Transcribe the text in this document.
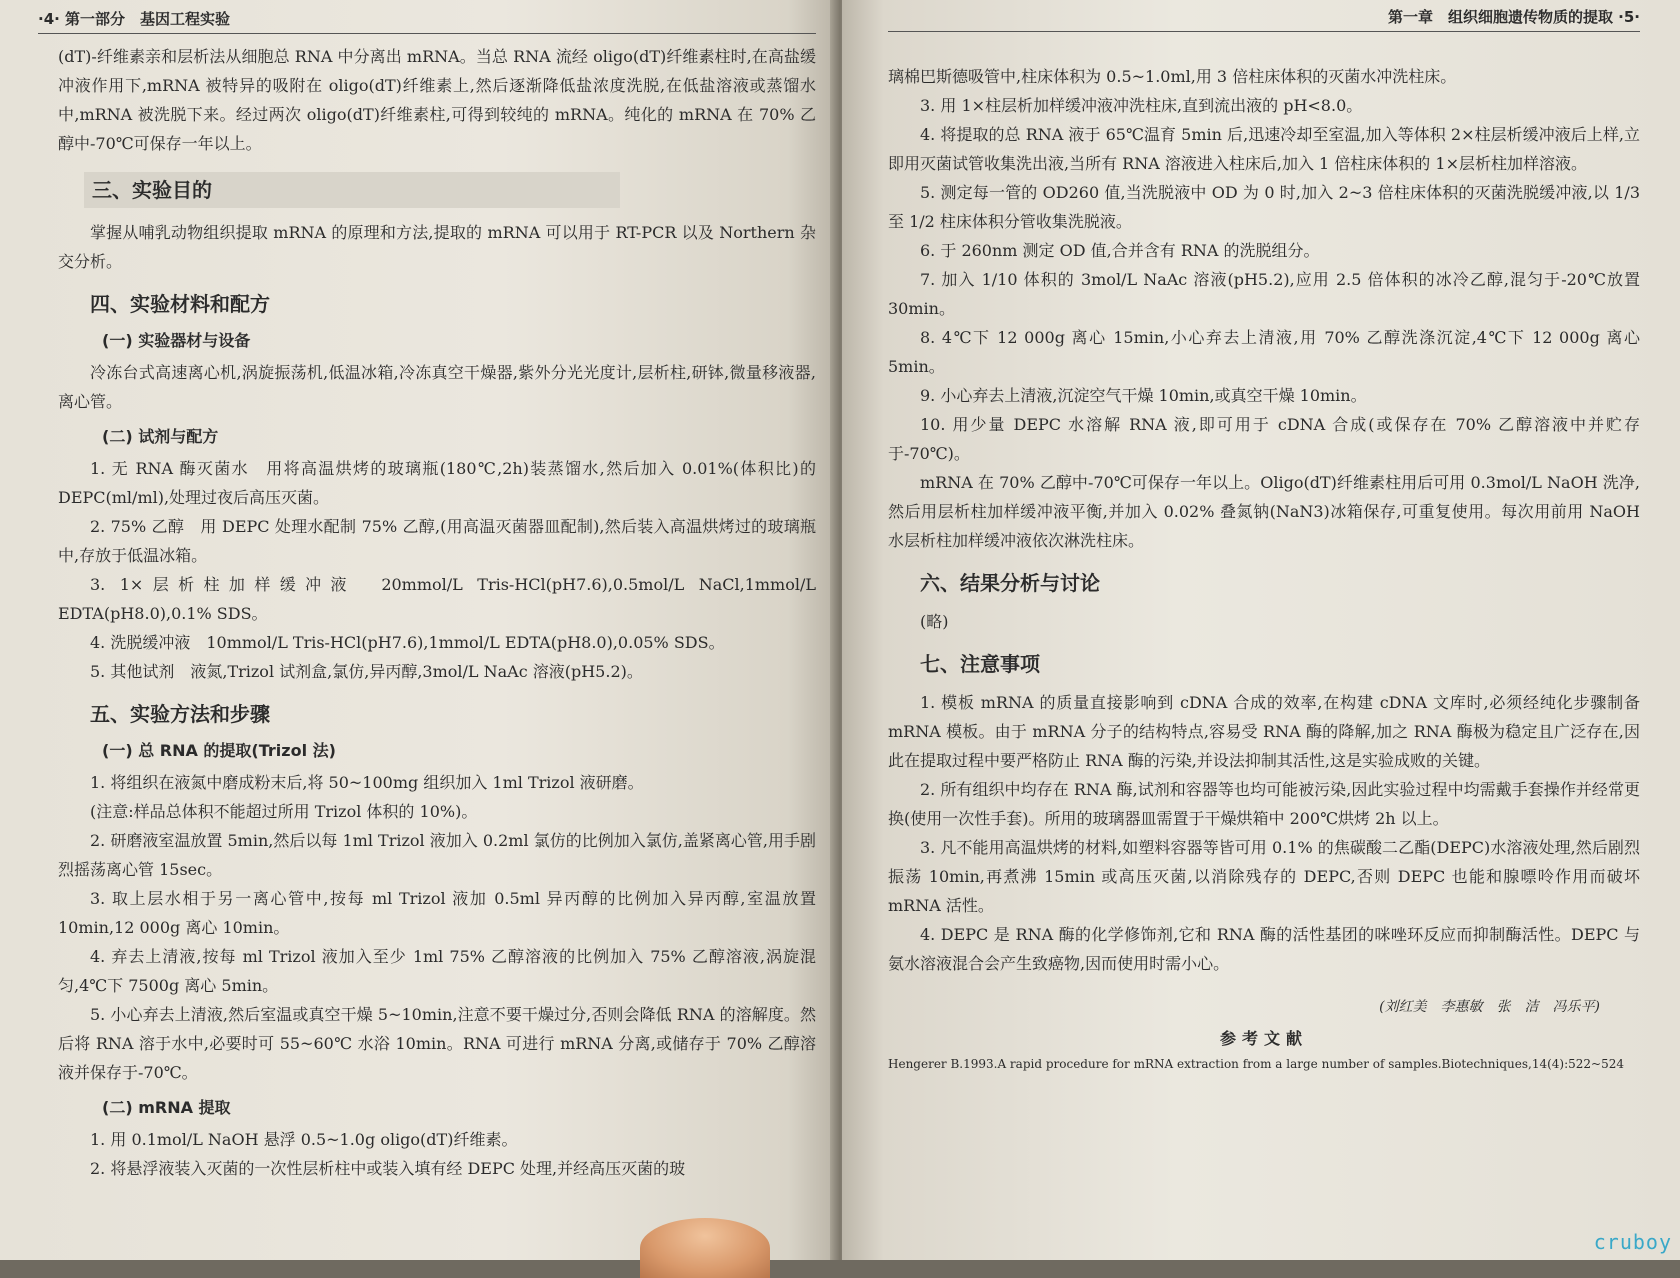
·4· 第一部分　基因工程实验

(dT)-纤维素亲和层析法从细胞总 RNA 中分离出 mRNA。当总 RNA 流经 oligo(dT)纤维素柱时,在高盐缓冲液作用下,mRNA 被特异的吸附在 oligo(dT)纤维素上,然后逐渐降低盐浓度洗脱,在低盐溶液或蒸馏水中,mRNA 被洗脱下来。经过两次 oligo(dT)纤维素柱,可得到较纯的 mRNA。纯化的 mRNA 在 70% 乙醇中-70℃可保存一年以上。

三、实验目的

掌握从哺乳动物组织提取 mRNA 的原理和方法,提取的 mRNA 可以用于 RT-PCR 以及 Northern 杂交分析。

四、实验材料和配方
(一) 实验器材与设备

冷冻台式高速离心机,涡旋振荡机,低温冰箱,冷冻真空干燥器,紫外分光光度计,层析柱,研钵,微量移液器,离心管。

(二) 试剂与配方

1. 无 RNA 酶灭菌水　用将高温烘烤的玻璃瓶(180℃,2h)装蒸馏水,然后加入 0.01%(体积比)的 DEPC(ml/ml),处理过夜后高压灭菌。

2. 75% 乙醇　用 DEPC 处理水配制 75% 乙醇,(用高温灭菌器皿配制),然后装入高温烘烤过的玻璃瓶中,存放于低温冰箱。

3. 1×层析柱加样缓冲液　20mmol/L Tris-HCl(pH7.6),0.5mol/L NaCl,1mmol/L EDTA(pH8.0),0.1% SDS。

4. 洗脱缓冲液　10mmol/L Tris-HCl(pH7.6),1mmol/L EDTA(pH8.0),0.05% SDS。

5. 其他试剂　液氮,Trizol 试剂盒,氯仿,异丙醇,3mol/L NaAc 溶液(pH5.2)。

五、实验方法和步骤
(一) 总 RNA 的提取(Trizol 法)

1. 将组织在液氮中磨成粉末后,将 50~100mg 组织加入 1ml Trizol 液研磨。

(注意:样品总体积不能超过所用 Trizol 体积的 10%)。

2. 研磨液室温放置 5min,然后以每 1ml Trizol 液加入 0.2ml 氯仿的比例加入氯仿,盖紧离心管,用手剧烈摇荡离心管 15sec。

3. 取上层水相于另一离心管中,按每 ml Trizol 液加 0.5ml 异丙醇的比例加入异丙醇,室温放置 10min,12 000g 离心 10min。

4. 弃去上清液,按每 ml Trizol 液加入至少 1ml 75% 乙醇溶液的比例加入 75% 乙醇溶液,涡旋混匀,4℃下 7500g 离心 5min。

5. 小心弃去上清液,然后室温或真空干燥 5~10min,注意不要干燥过分,否则会降低 RNA 的溶解度。然后将 RNA 溶于水中,必要时可 55~60℃ 水浴 10min。RNA 可进行 mRNA 分离,或储存于 70% 乙醇溶液并保存于-70℃。

(二) mRNA 提取

1. 用 0.1mol/L NaOH 悬浮 0.5~1.0g oligo(dT)纤维素。

2. 将悬浮液装入灭菌的一次性层析柱中或装入填有经 DEPC 处理,并经高压灭菌的玻

第一章　组织细胞遗传物质的提取 ·5·

璃棉巴斯德吸管中,柱床体积为 0.5~1.0ml,用 3 倍柱床体积的灭菌水冲洗柱床。

3. 用 1×柱层析加样缓冲液冲洗柱床,直到流出液的 pH<8.0。

4. 将提取的总 RNA 液于 65℃温育 5min 后,迅速冷却至室温,加入等体积 2×柱层析缓冲液后上样,立即用灭菌试管收集洗出液,当所有 RNA 溶液进入柱床后,加入 1 倍柱床体积的 1×层析柱加样溶液。

5. 测定每一管的 OD260 值,当洗脱液中 OD 为 0 时,加入 2~3 倍柱床体积的灭菌洗脱缓冲液,以 1/3 至 1/2 柱床体积分管收集洗脱液。

6. 于 260nm 测定 OD 值,合并含有 RNA 的洗脱组分。

7. 加入 1/10 体积的 3mol/L NaAc 溶液(pH5.2),应用 2.5 倍体积的冰冷乙醇,混匀于-20℃放置 30min。

8. 4℃下 12 000g 离心 15min,小心弃去上清液,用 70% 乙醇洗涤沉淀,4℃下 12 000g 离心 5min。

9. 小心弃去上清液,沉淀空气干燥 10min,或真空干燥 10min。

10. 用少量 DEPC 水溶解 RNA 液,即可用于 cDNA 合成(或保存在 70% 乙醇溶液中并贮存于-70℃)。

mRNA 在 70% 乙醇中-70℃可保存一年以上。Oligo(dT)纤维素柱用后可用 0.3mol/L NaOH 洗净,然后用层析柱加样缓冲液平衡,并加入 0.02% 叠氮钠(NaN3)冰箱保存,可重复使用。每次用前用 NaOH 水层析柱加样缓冲液依次淋洗柱床。

六、结果分析与讨论

(略)

七、注意事项

1. 模板 mRNA 的质量直接影响到 cDNA 合成的效率,在构建 cDNA 文库时,必须经纯化步骤制备 mRNA 模板。由于 mRNA 分子的结构特点,容易受 RNA 酶的降解,加之 RNA 酶极为稳定且广泛存在,因此在提取过程中要严格防止 RNA 酶的污染,并设法抑制其活性,这是实验成败的关键。

2. 所有组织中均存在 RNA 酶,试剂和容器等也均可能被污染,因此实验过程中均需戴手套操作并经常更换(使用一次性手套)。所用的玻璃器皿需置于干燥烘箱中 200℃烘烤 2h 以上。

3. 凡不能用高温烘烤的材料,如塑料容器等皆可用 0.1% 的焦碳酸二乙酯(DEPC)水溶液处理,然后剧烈振荡 10min,再煮沸 15min 或高压灭菌,以消除残存的 DEPC,否则 DEPC 也能和腺嘌呤作用而破坏 mRNA 活性。

4. DEPC 是 RNA 酶的化学修饰剂,它和 RNA 酶的活性基团的咪唑环反应而抑制酶活性。DEPC 与氨水溶液混合会产生致癌物,因而使用时需小心。

(刘红美　李惠敏　张　洁　冯乐平)
参考文献
Hengerer B.1993.A rapid procedure for mRNA extraction from a large number of samples.Biotechniques,14(4):522~524
cruboy
